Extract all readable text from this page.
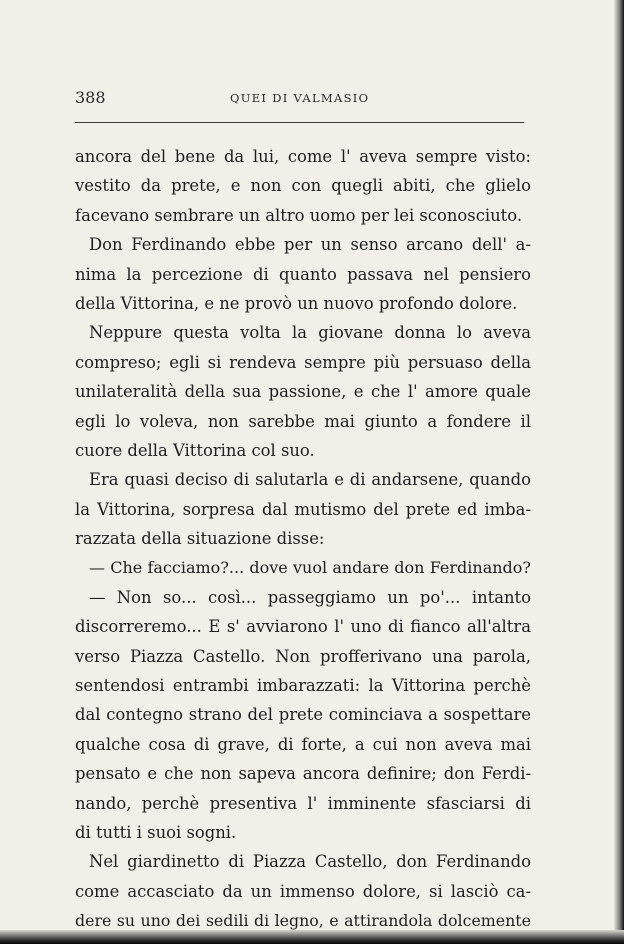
388	QUEI DI VALMASIO
ancora del bene da lui, come l' aveva sempre visto:
vestito da prete, e non con quegli abiti, che glielo
facevano sembrare un altro uomo per lei sconosciuto.
Don Ferdinando ebbe per un senso arcano dell' a-
nima la percezione di quanto passava nel pensiero
della Vittorina, e ne provò un nuovo profondo dolore.
Neppure questa volta la giovane donna lo aveva
compreso; egli si rendeva sempre più persuaso della
unilateralità della sua passione, e che l' amore quale
egli lo voleva, non sarebbe mai giunto a fondere il
cuore della Vittorina col suo.
Era quasi deciso di salutarla e di andarsene, quando
la Vittorina, sorpresa dal mutismo del prete ed imba-
razzata della situazione disse:
— Che facciamo?... dove vuol andare don Ferdinando?
— Non so... così... passeggiamo un po'... intanto
discorreremo... E s' avviarono l' uno di fianco all'altra
verso Piazza Castello. Non profferivano una parola,
sentendosi entrambi imbarazzati: la Vittorina perchè
dal contegno strano del prete cominciava a sospettare
qualche cosa di grave, di forte, a cui non aveva mai
pensato e che non sapeva ancora definire; don Ferdi-
nando, perchè presentiva l' imminente sfasciarsi di
di tutti i suoi sogni.
Nel giardinetto di Piazza Castello, don Ferdinando
come accasciato da un immenso dolore, si lasciò ca-
dere su uno dei sedili di legno, e attirandola dolcemente
